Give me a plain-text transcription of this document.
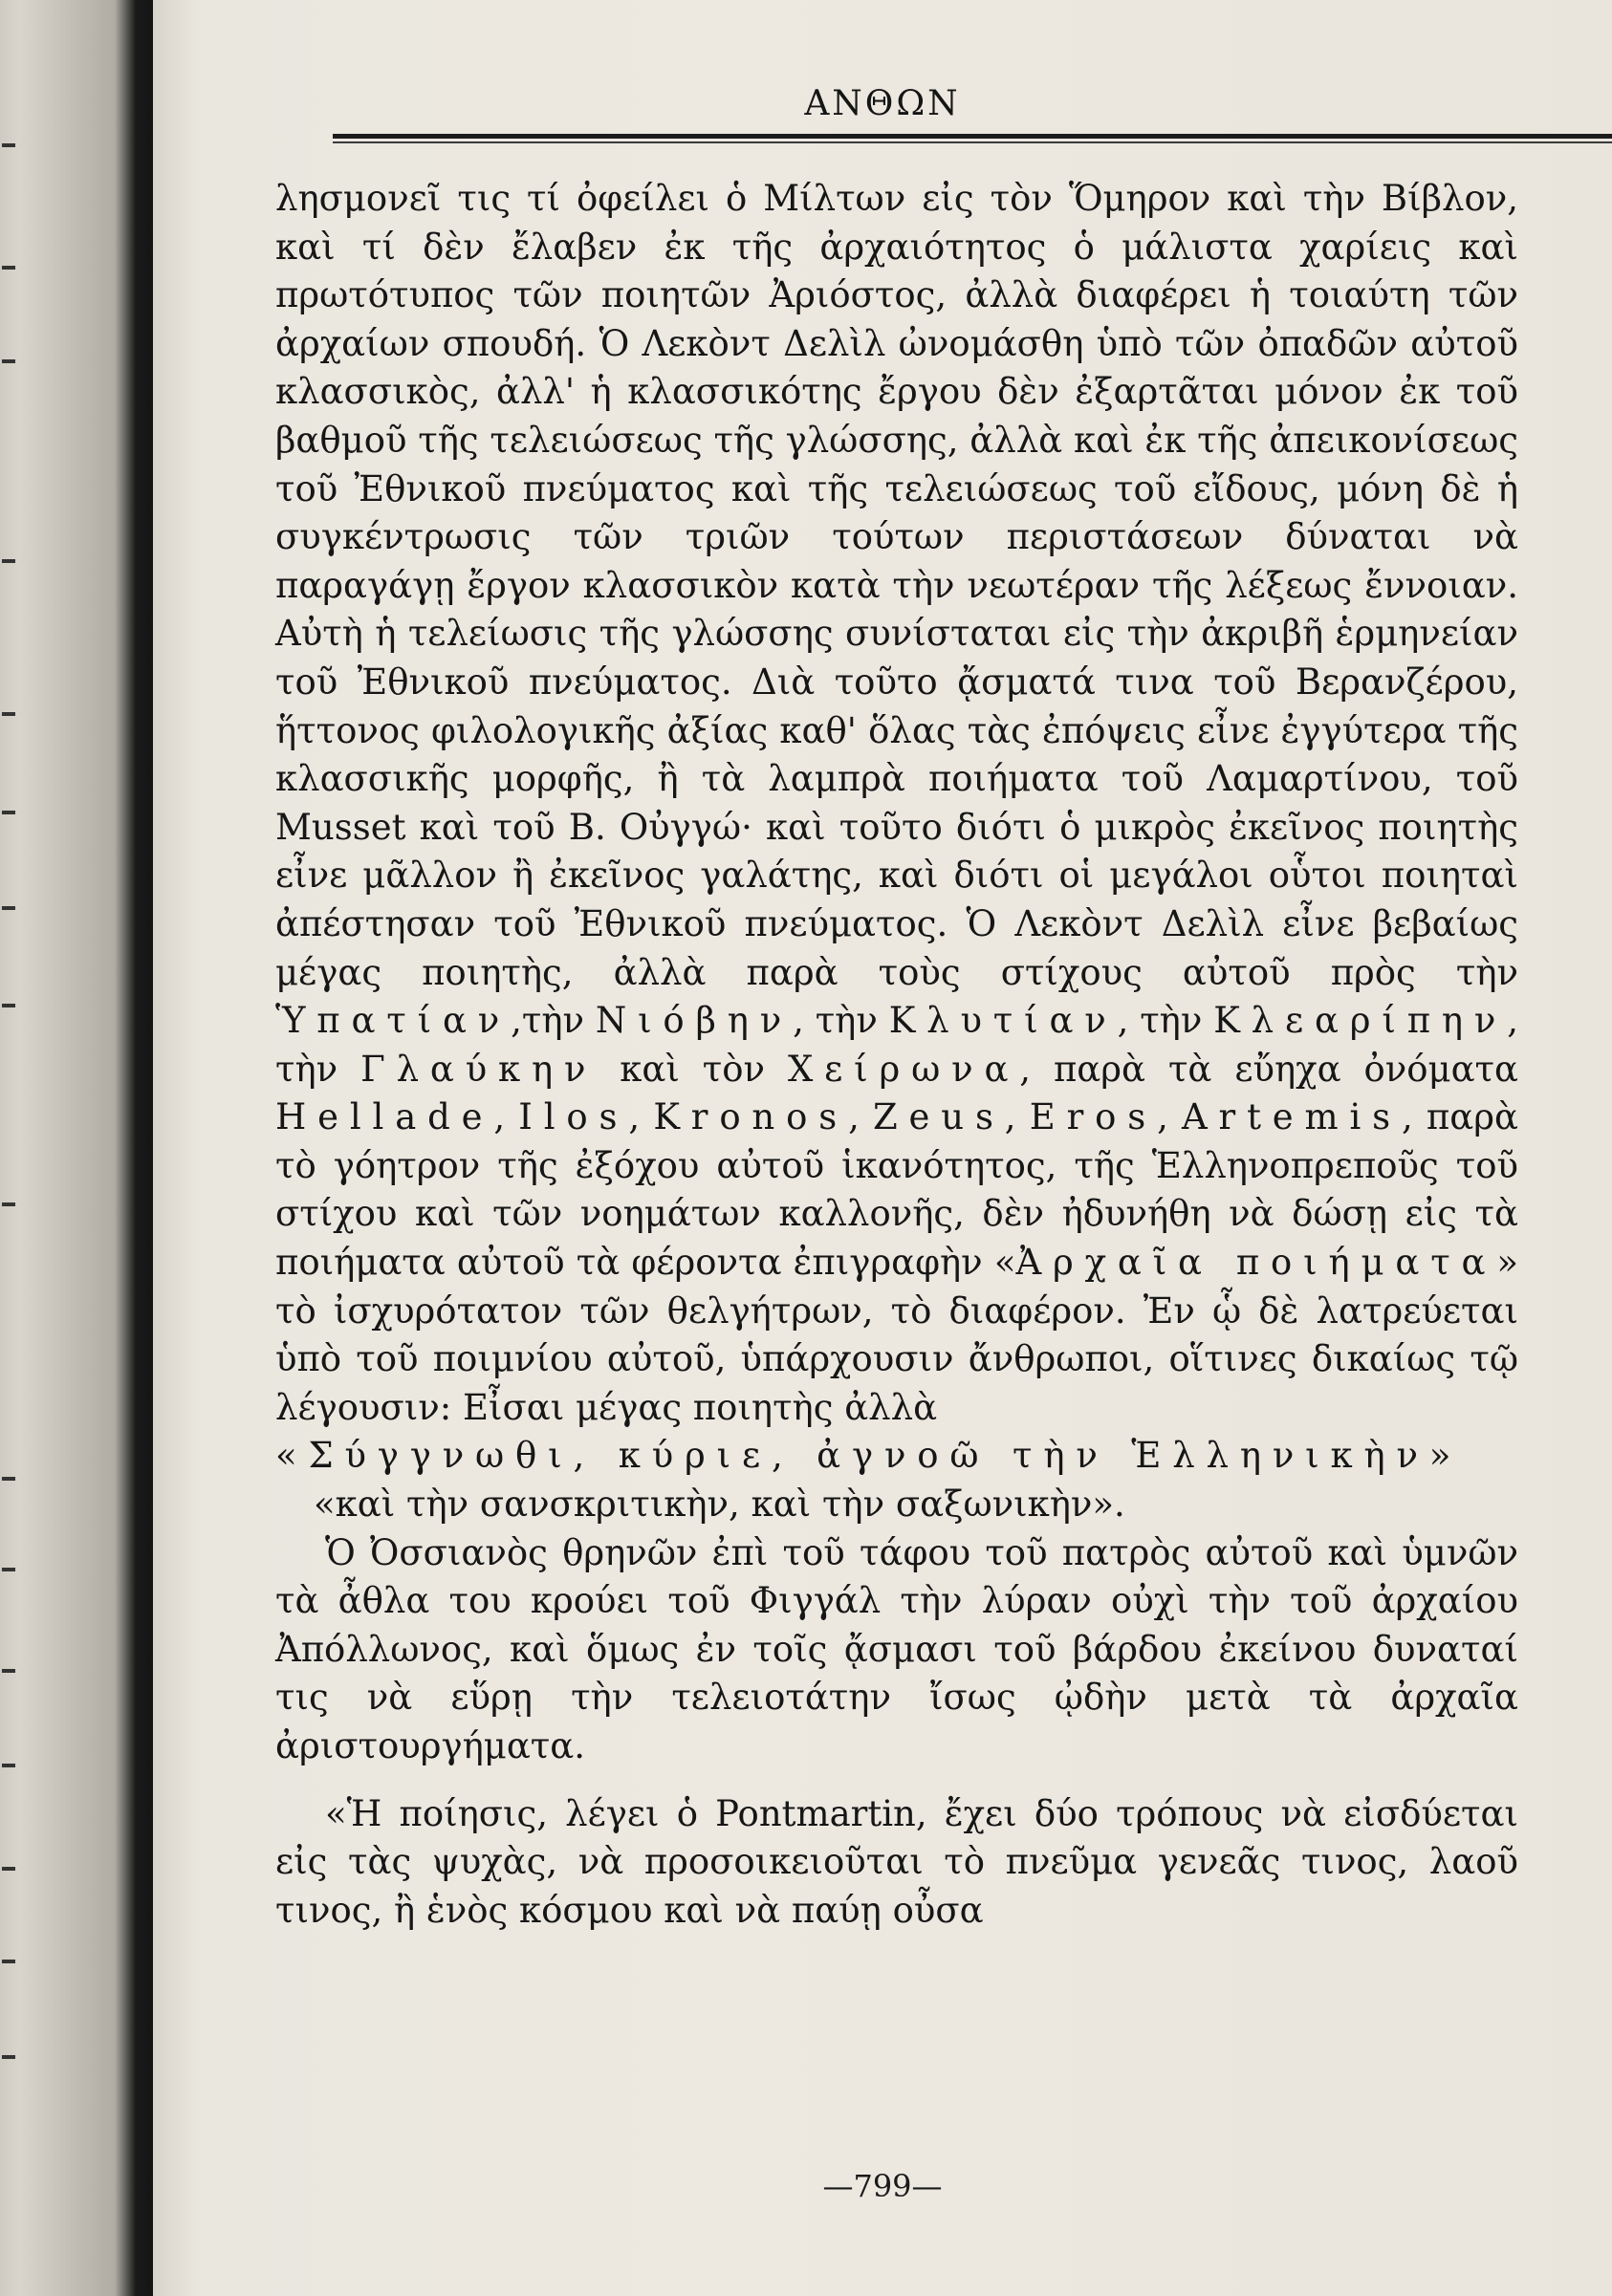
ΑΝΘΩΝ

λησμονεῖ τις τί ὀφείλει ὁ Μίλτων εἰς τὸν Ὅμηρον καὶ τὴν Βίβλον, καὶ τί δὲν ἔλαβεν ἐκ τῆς ἀρχαιότητος ὁ μάλιστα χαρίεις καὶ πρωτότυπος τῶν ποιητῶν Ἀριόστος, ἀλλὰ διαφέρει ἡ τοιαύτη τῶν ἀρχαίων σπουδή. Ὁ Λεκὸντ Δελὶλ ὠνομάσθη ὑπὸ τῶν ὀπαδῶν αὐτοῦ κλασσικὸς, ἀλλ' ἡ κλασσικότης ἔργου δὲν ἐξαρτᾶται μόνον ἐκ τοῦ βαθμοῦ τῆς τελειώσεως τῆς γλώσσης, ἀλλὰ καὶ ἐκ τῆς ἀπεικονίσεως τοῦ Ἐθνικοῦ πνεύματος καὶ τῆς τελειώσεως τοῦ εἴδους, μόνη δὲ ἡ συγκέντρωσις τῶν τριῶν τούτων περιστάσεων δύναται νὰ παραγάγῃ ἔργον κλασσικὸν κατὰ τὴν νεωτέραν τῆς λέξεως ἔννοιαν. Αὐτὴ ἡ τελείωσις τῆς γλώσσης συνίσταται εἰς τὴν ἀκριβῆ ἑρμηνείαν τοῦ Ἐθνικοῦ πνεύματος. Διὰ τοῦτο ᾄσματά τινα τοῦ Βερανζέρου, ἥττονος φιλολογικῆς ἀξίας καθ' ὅλας τὰς ἐπόψεις εἶνε ἐγγύτερα τῆς κλασσικῆς μορφῆς, ἢ τὰ λαμπρὰ ποιήματα τοῦ Λαμαρτίνου, τοῦ Musset καὶ τοῦ Β. Οὐγγώ· καὶ τοῦτο διότι ὁ μικρὸς ἐκεῖνος ποιητὴς εἶνε μᾶλλον ἢ ἐκεῖνος γαλάτης, καὶ διότι οἱ μεγάλοι οὗτοι ποιηταὶ ἀπέστησαν τοῦ Ἐθνικοῦ πνεύματος. Ὁ Λεκὸντ Δελὶλ εἶνε βεβαίως μέγας ποιητὴς, ἀλλὰ παρὰ τοὺς στίχους αὐτοῦ πρὸς τὴν Ὑπατίαν,τὴν Νιόβην, τὴν Κλυτίαν, τὴν Κλεαρίπην, τὴν Γλαύκην καὶ τὸν Χείρωνα, παρὰ τὰ εὔηχα ὀνόματα Hellade, Ilos, Kronos, Zeus, Eros, Artemis, παρὰ τὸ γόητρον τῆς ἐξόχου αὐτοῦ ἱκανότητος, τῆς Ἑλληνοπρεποῦς τοῦ στίχου καὶ τῶν νοημάτων καλλονῆς, δὲν ἠδυνήθη νὰ δώσῃ εἰς τὰ ποιήματα αὐτοῦ τὰ φέροντα ἐπιγραφὴν «Ἀρχαῖα ποιήματα» τὸ ἰσχυρότατον τῶν θελγήτρων, τὸ διαφέρον. Ἐν ᾧ δὲ λατρεύεται ὑπὸ τοῦ ποιμνίου αὐτοῦ, ὑπάρχουσιν ἄνθρωποι, οἵτινες δικαίως τῷ λέγουσιν: Εἶσαι μέγας ποιητὴς ἀλλὰ

«Σύγγνωθι, κύριε, ἀγνοῶ τὴν Ἑλληνικὴν»

«καὶ τὴν σανσκριτικὴν, καὶ τὴν σαξωνικὴν».

Ὁ Ὀσσιανὸς θρηνῶν ἐπὶ τοῦ τάφου τοῦ πατρὸς αὐτοῦ καὶ ὑμνῶν τὰ ἆθλα του κρούει τοῦ Φιγγάλ τὴν λύραν οὐχὶ τὴν τοῦ ἀρχαίου Ἀπόλλωνος, καὶ ὅμως ἐν τοῖς ᾄσμασι τοῦ βάρδου ἐκείνου δυναταί τις νὰ εὕρῃ τὴν τελειοτάτην ἴσως ᾠδὴν μετὰ τὰ ἀρχαῖα ἀριστουργήματα.

«Ἡ ποίησις, λέγει ὁ Pontmartin, ἔχει δύο τρόπους νὰ εἰσδύεται εἰς τὰς ψυχὰς, νὰ προσοικειοῦται τὸ πνεῦμα γενεᾶς τινος, λαοῦ τινος, ἢ ἑνὸς κόσμου καὶ νὰ παύῃ οὖσα

—799—
